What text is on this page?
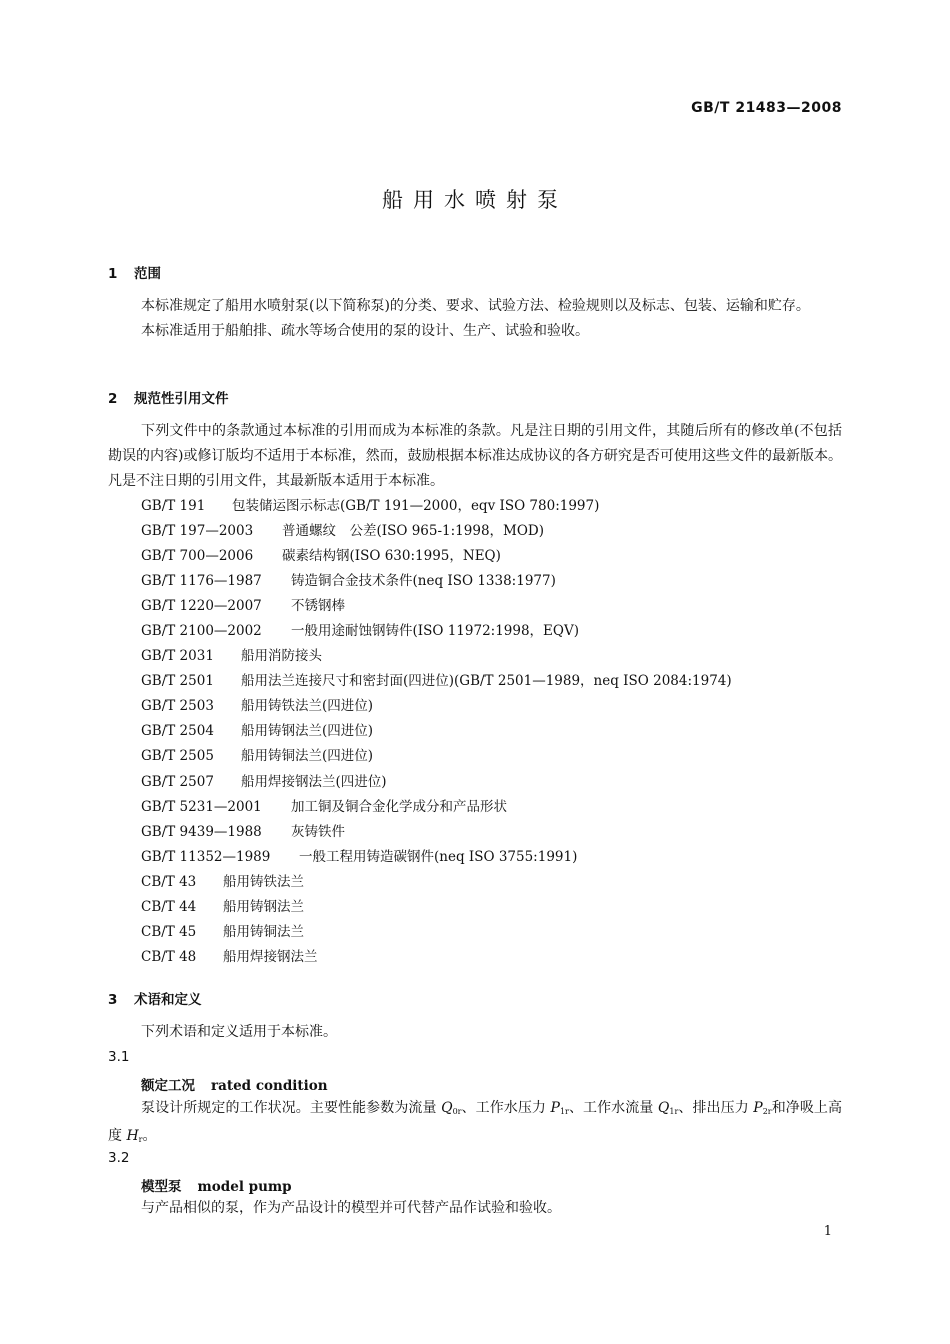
GB/T 21483—2008
船用水喷射泵
1 范围

本标准规定了船用水喷射泵(以下简称泵)的分类、要求、试验方法、检验规则以及标志、包装、运输和贮存。

本标准适用于船舶排、疏水等场合使用的泵的设计、生产、试验和验收。

2 规范性引用文件

下列文件中的条款通过本标准的引用而成为本标准的条款。凡是注日期的引用文件，其随后所有的修改单(不包括勘误的内容)或修订版均不适用于本标准，然而，鼓励根据本标准达成协议的各方研究是否可使用这些文件的最新版本。凡是不注日期的引用文件，其最新版本适用于本标准。

GB/T 191 包装储运图示标志(GB/T 191—2000，eqv ISO 780:1997)
GB/T 197—2003 普通螺纹　公差(ISO 965-1:1998，MOD)
GB/T 700—2006 碳素结构钢(ISO 630:1995，NEQ)
GB/T 1176—1987 铸造铜合金技术条件(neq ISO 1338:1977)
GB/T 1220—2007 不锈钢棒
GB/T 2100—2002 一般用途耐蚀钢铸件(ISO 11972:1998，EQV)
GB/T 2031 船用消防接头
GB/T 2501 船用法兰连接尺寸和密封面(四进位)(GB/T 2501—1989，neq ISO 2084:1974)
GB/T 2503 船用铸铁法兰(四进位)
GB/T 2504 船用铸钢法兰(四进位)
GB/T 2505 船用铸铜法兰(四进位)
GB/T 2507 船用焊接钢法兰(四进位)
GB/T 5231—2001 加工铜及铜合金化学成分和产品形状
GB/T 9439—1988 灰铸铁件
GB/T 11352—1989 一般工程用铸造碳钢件(neq ISO 3755:1991)
CB/T 43 船用铸铁法兰
CB/T 44 船用铸钢法兰
CB/T 45 船用铸铜法兰
CB/T 48 船用焊接钢法兰
3 术语和定义

下列术语和定义适用于本标准。

3.1
额定工况 rated condition

泵设计所规定的工作状况。主要性能参数为流量 $Q_{0r}$、工作水压力 $P_{1r}$、工作水流量 $Q_{1r}$、排出压力 $P_{2r}$和净吸上高度 $H_r$。

3.2
模型泵 model pump

与产品相似的泵，作为产品设计的模型并可代替产品作试验和验收。

1
